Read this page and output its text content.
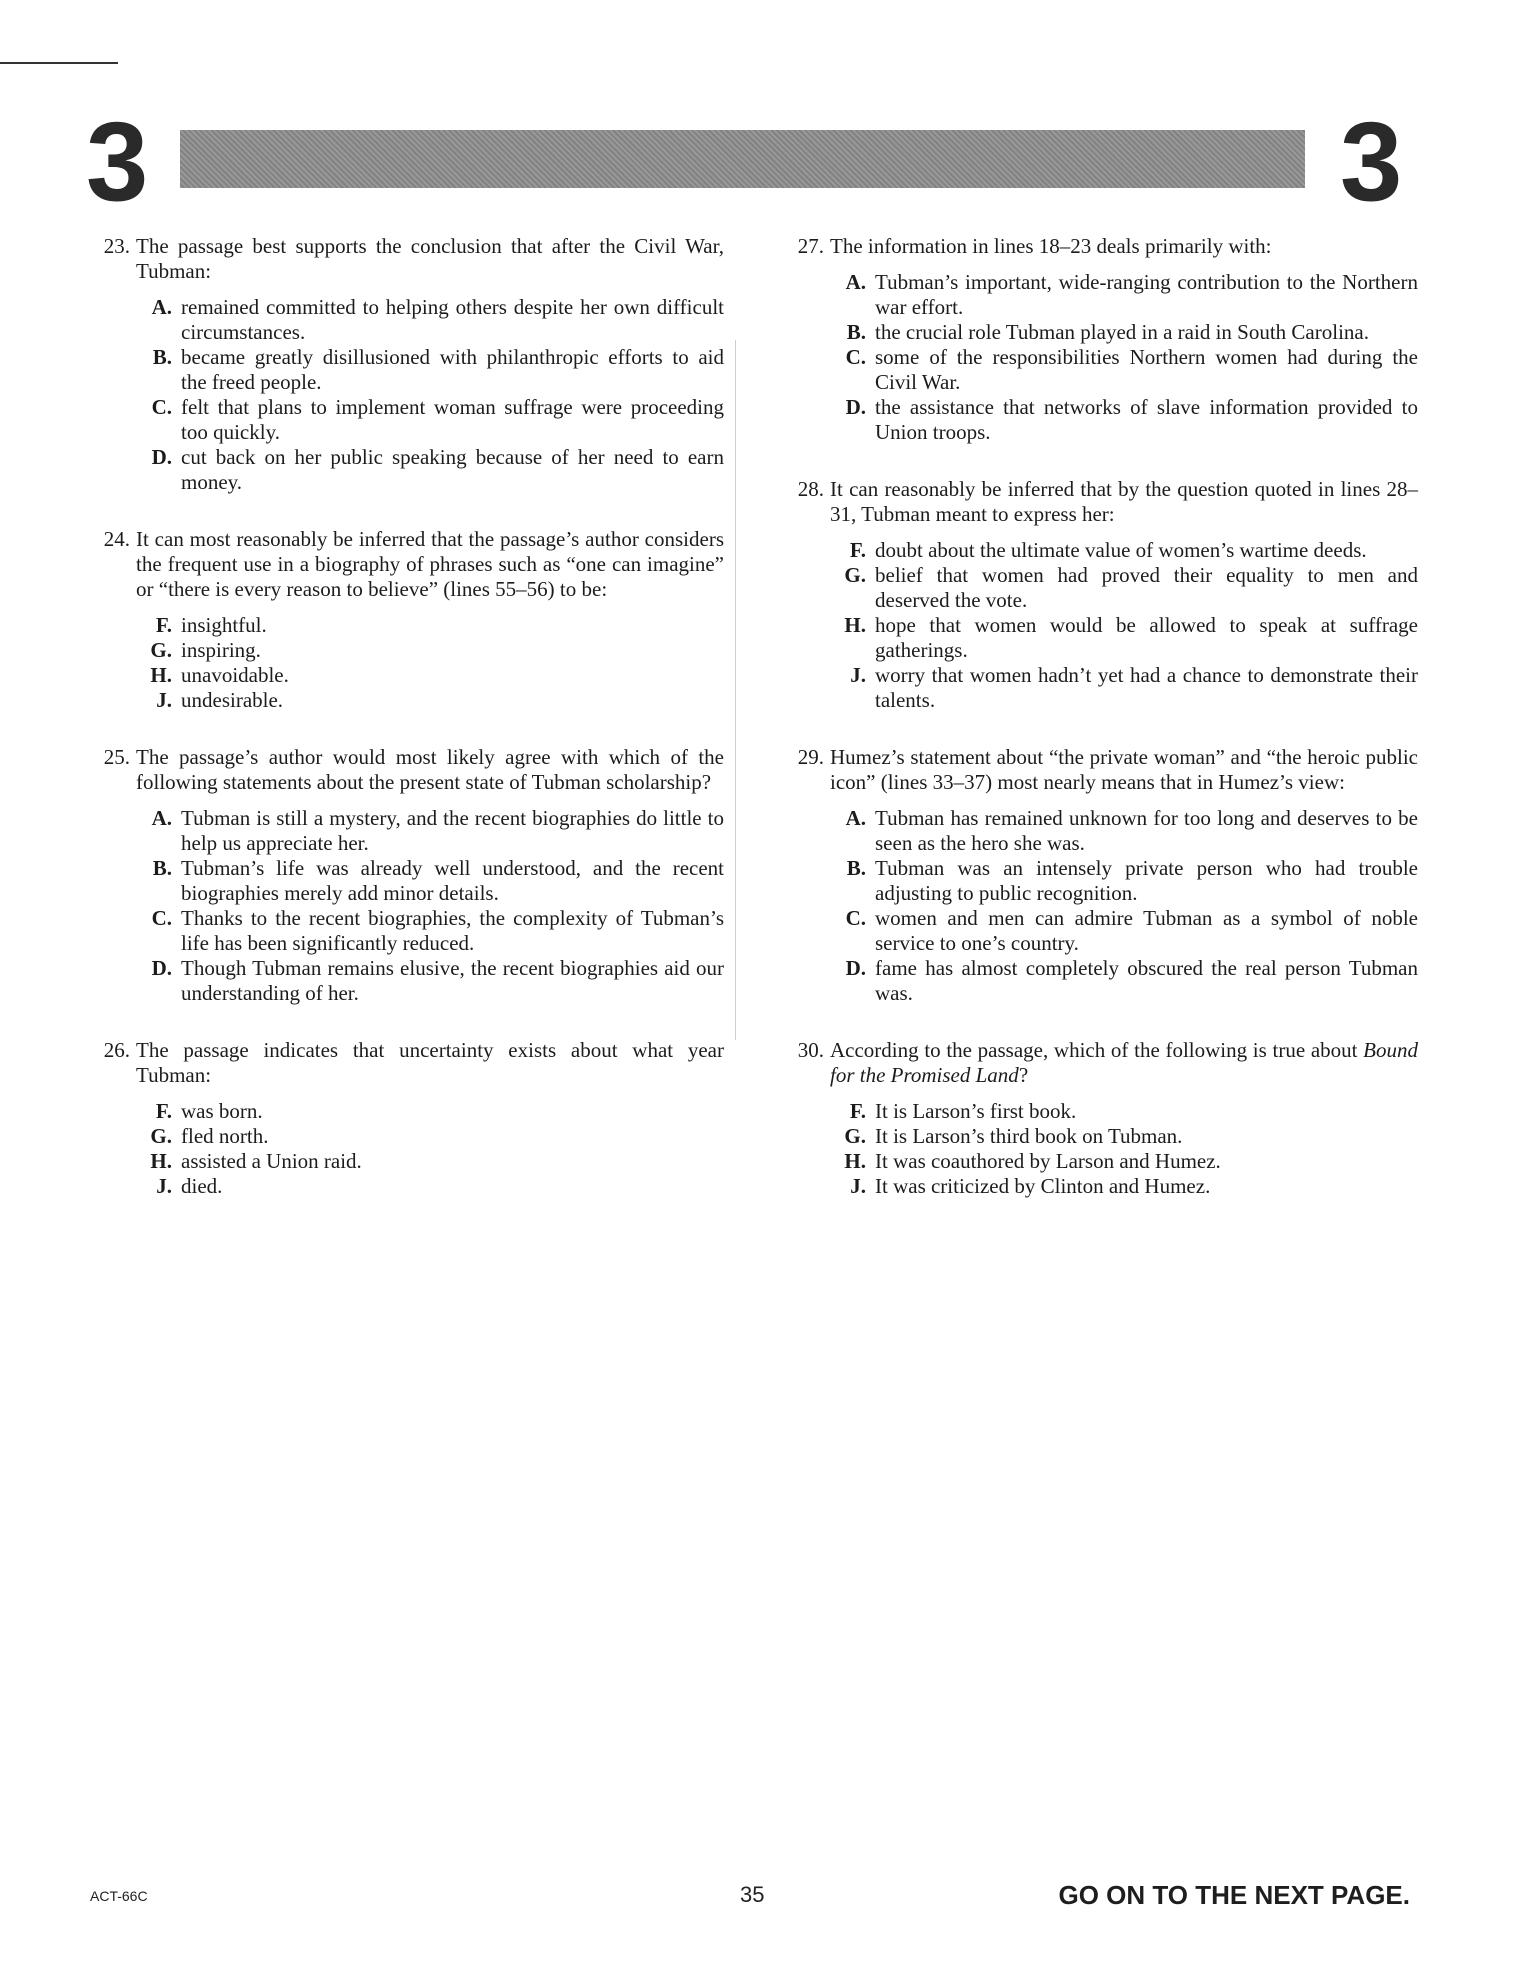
3	3
23. The passage best supports the conclusion that after the Civil War, Tubman:
A. remained committed to helping others despite her own difficult circumstances.
B. became greatly disillusioned with philanthropic efforts to aid the freed people.
C. felt that plans to implement woman suffrage were proceeding too quickly.
D. cut back on her public speaking because of her need to earn money.
24. It can most reasonably be inferred that the passage’s author considers the frequent use in a biography of phrases such as “one can imagine” or “there is every reason to believe” (lines 55–56) to be:
F. insightful.
G. inspiring.
H. unavoidable.
J. undesirable.
25. The passage’s author would most likely agree with which of the following statements about the present state of Tubman scholarship?
A. Tubman is still a mystery, and the recent biographies do little to help us appreciate her.
B. Tubman’s life was already well understood, and the recent biographies merely add minor details.
C. Thanks to the recent biographies, the complexity of Tubman’s life has been significantly reduced.
D. Though Tubman remains elusive, the recent biographies aid our understanding of her.
26. The passage indicates that uncertainty exists about what year Tubman:
F. was born.
G. fled north.
H. assisted a Union raid.
J. died.
27. The information in lines 18–23 deals primarily with:
A. Tubman’s important, wide-ranging contribution to the Northern war effort.
B. the crucial role Tubman played in a raid in South Carolina.
C. some of the responsibilities Northern women had during the Civil War.
D. the assistance that networks of slave information provided to Union troops.
28. It can reasonably be inferred that by the question quoted in lines 28–31, Tubman meant to express her:
F. doubt about the ultimate value of women’s wartime deeds.
G. belief that women had proved their equality to men and deserved the vote.
H. hope that women would be allowed to speak at suffrage gatherings.
J. worry that women hadn’t yet had a chance to demonstrate their talents.
29. Humez’s statement about “the private woman” and “the heroic public icon” (lines 33–37) most nearly means that in Humez’s view:
A. Tubman has remained unknown for too long and deserves to be seen as the hero she was.
B. Tubman was an intensely private person who had trouble adjusting to public recognition.
C. women and men can admire Tubman as a symbol of noble service to one’s country.
D. fame has almost completely obscured the real person Tubman was.
30. According to the passage, which of the following is true about Bound for the Promised Land?
F. It is Larson’s first book.
G. It is Larson’s third book on Tubman.
H. It was coauthored by Larson and Humez.
J. It was criticized by Clinton and Humez.
ACT-66C	35	GO ON TO THE NEXT PAGE.
